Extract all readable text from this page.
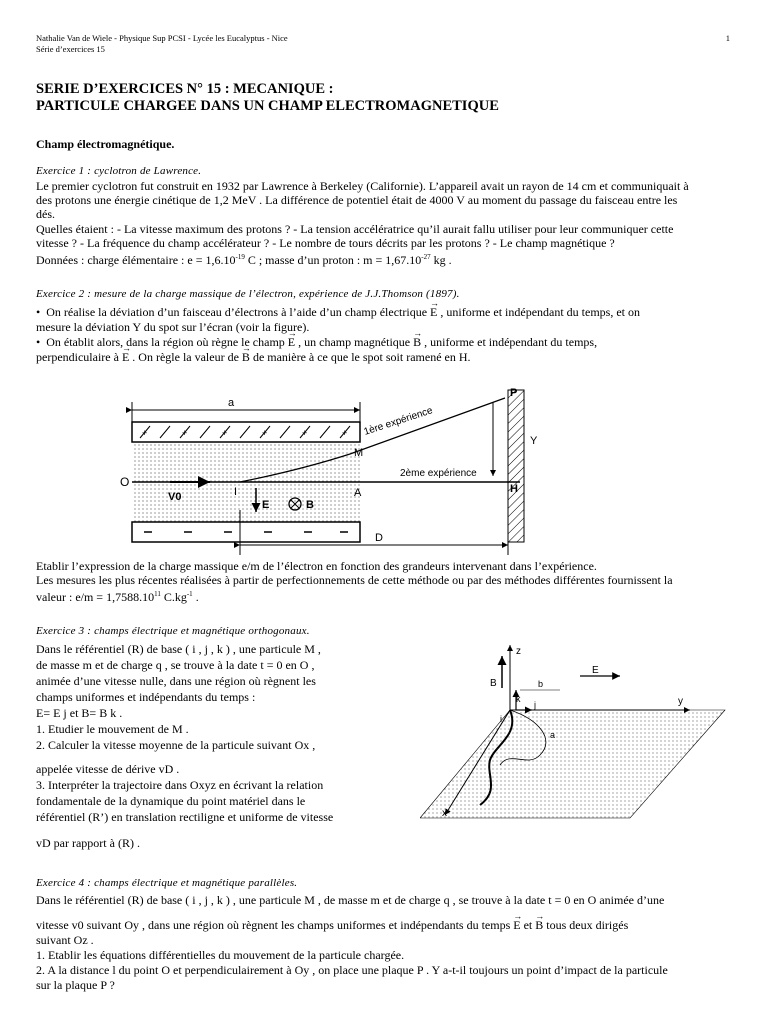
Nathalie Van de Wiele - Physique Sup PCSI - Lycée les Eucalyptus - Nice
Série d’exercices 15
1
SERIE D’EXERCICES N° 15 : MECANIQUE :
PARTICULE CHARGEE DANS UN CHAMP ELECTROMAGNETIQUE
Champ électromagnétique.
Exercice 1 : cyclotron de Lawrence.
Le premier cyclotron fut construit en 1932 par Lawrence à Berkeley (Californie). L’appareil avait un rayon de 14 cm et communiquait à
des protons une énergie cinétique de 1,2 MeV . La différence de potentiel était de 4000 V au moment du passage du faisceau entre les
dés.
Quelles étaient : - La vitesse maximum des protons ? - La tension accélératrice qu’il aurait fallu utiliser pour leur communiquer cette
vitesse ? - La fréquence du champ accélérateur ? - Le nombre de tours décrits par les protons ? - Le champ magnétique ?
Données : charge élémentaire : $e = 1,6.10^{-19}$ C ; masse d’un proton : $m = 1,67.10^{-27}$ kg .
Exercice 2 : mesure de la charge massique de l’électron, expérience de J.J.Thomson (1897).
•  On réalise la déviation d’un faisceau d’électrons à l’aide d’un champ électrique → E , uniforme et indépendant du temps, et on
mesure la déviation Y du spot sur l’écran (voir la figure).
•  On établit alors, dans la région où règne le champ → E , un champ magnétique → B , uniforme et indépendant du temps,
perpendiculaire à → E . On règle la valeur de → B de manière à ce que le spot soit ramené en H.
+	+	+	+	+	+
a
O
V0
P
H
Y
1ère expérience
2ème expérience
M
A
I
E	B
D
Etablir l’expression de la charge massique e/m de l’électron en fonction des grandeurs intervenant dans l’expérience.
Les mesures les plus récentes réalisées à partir de perfectionnements de cette méthode ou par des méthodes différentes fournissent la
valeur : $e/m = 1,7588.10^{11}$ $C.kg^{-1}$ .
Exercice 3 : champs électrique et magnétique orthogonaux.
Dans le référentiel (R) de base ( i , j , k ) , une particule M ,
de masse m et de charge q , se trouve à la date t = 0 en O ,
animée d’une vitesse nulle, dans une région où règnent les
champs uniformes et indépendants du temps :
E= E j et B= B k .
1. Etudier le mouvement de M .
2. Calculer la vitesse moyenne de la particule suivant Ox ,
appelée vitesse de dérive vD .
3. Interpréter la trajectoire dans Oxyz en écrivant la relation
fondamentale de la dynamique du point matériel dans le
référentiel (R’) en translation rectiligne et uniforme de vitesse
vD par rapport à (R) .
z
y
x
B
E
k
j
i
b
a
Exercice 4 : champs électrique et magnétique parallèles.
Dans le référentiel (R) de base ( i , j , k ) , une particule M , de masse m et de charge q , se trouve à la date t = 0 en O animée d’une
vitesse v0 suivant Oy , dans une région où règnent les champs uniformes et indépendants du temps → E et → B tous deux dirigés
suivant Oz .
1. Etablir les équations différentielles du mouvement de la particule chargée.
2. A la distance l du point O et perpendiculairement à Oy , on place une plaque P . Y a-t-il toujours un point d’impact de la particule
sur la plaque P ?
